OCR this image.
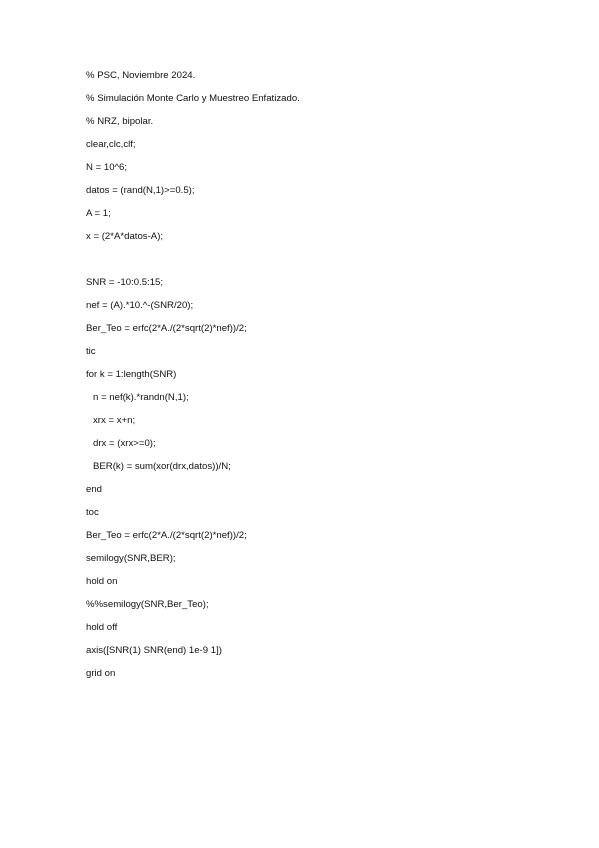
% PSC, Noviembre 2024.
% Simulación Monte Carlo y Muestreo Enfatizado.
% NRZ, bipolar.
clear,clc,clf;
N = 10^6;
datos = (rand(N,1)>=0.5);
A = 1;
x = (2*A*datos-A);
SNR = -10:0.5:15;
nef = (A).*10.^-(SNR/20);
Ber_Teo = erfc(2*A./(2*sqrt(2)*nef))/2;
tic
for k = 1:length(SNR)
n = nef(k).*randn(N,1);
xrx = x+n;
drx = (xrx>=0);
BER(k) = sum(xor(drx,datos))/N;
end
toc
Ber_Teo = erfc(2*A./(2*sqrt(2)*nef))/2;
semilogy(SNR,BER);
hold on
%%semilogy(SNR,Ber_Teo);
hold off
axis([SNR(1) SNR(end) 1e-9 1])
grid on
